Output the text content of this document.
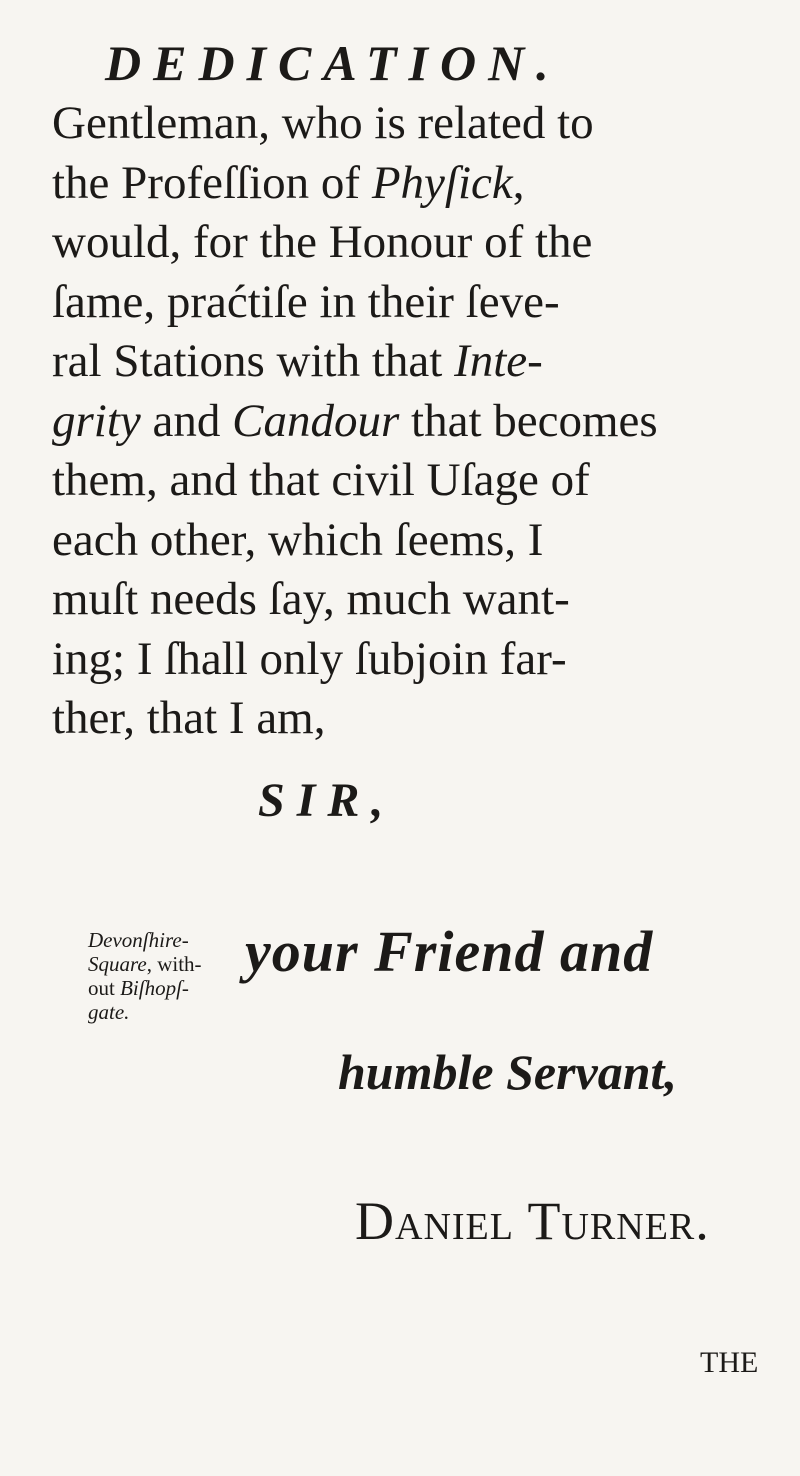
DEDICATION.
Gentleman, who is related to
the Profeſſion of Phyſick,
would, for the Honour of the
ſame, praćtiſe in their ſeve-
ral Stations with that Inte-
grity and Candour that becomes
them, and that civil Uſage of
each other, which ſeems, I
muſt needs ſay, much want-
ing; I ſhall only ſubjoin far-
ther, that I am,
SIR,
Devonſhire-
Square, with-
out Biſhopſ-
gate.
your Friend and
humble Servant,
Daniel Turner.
THE
